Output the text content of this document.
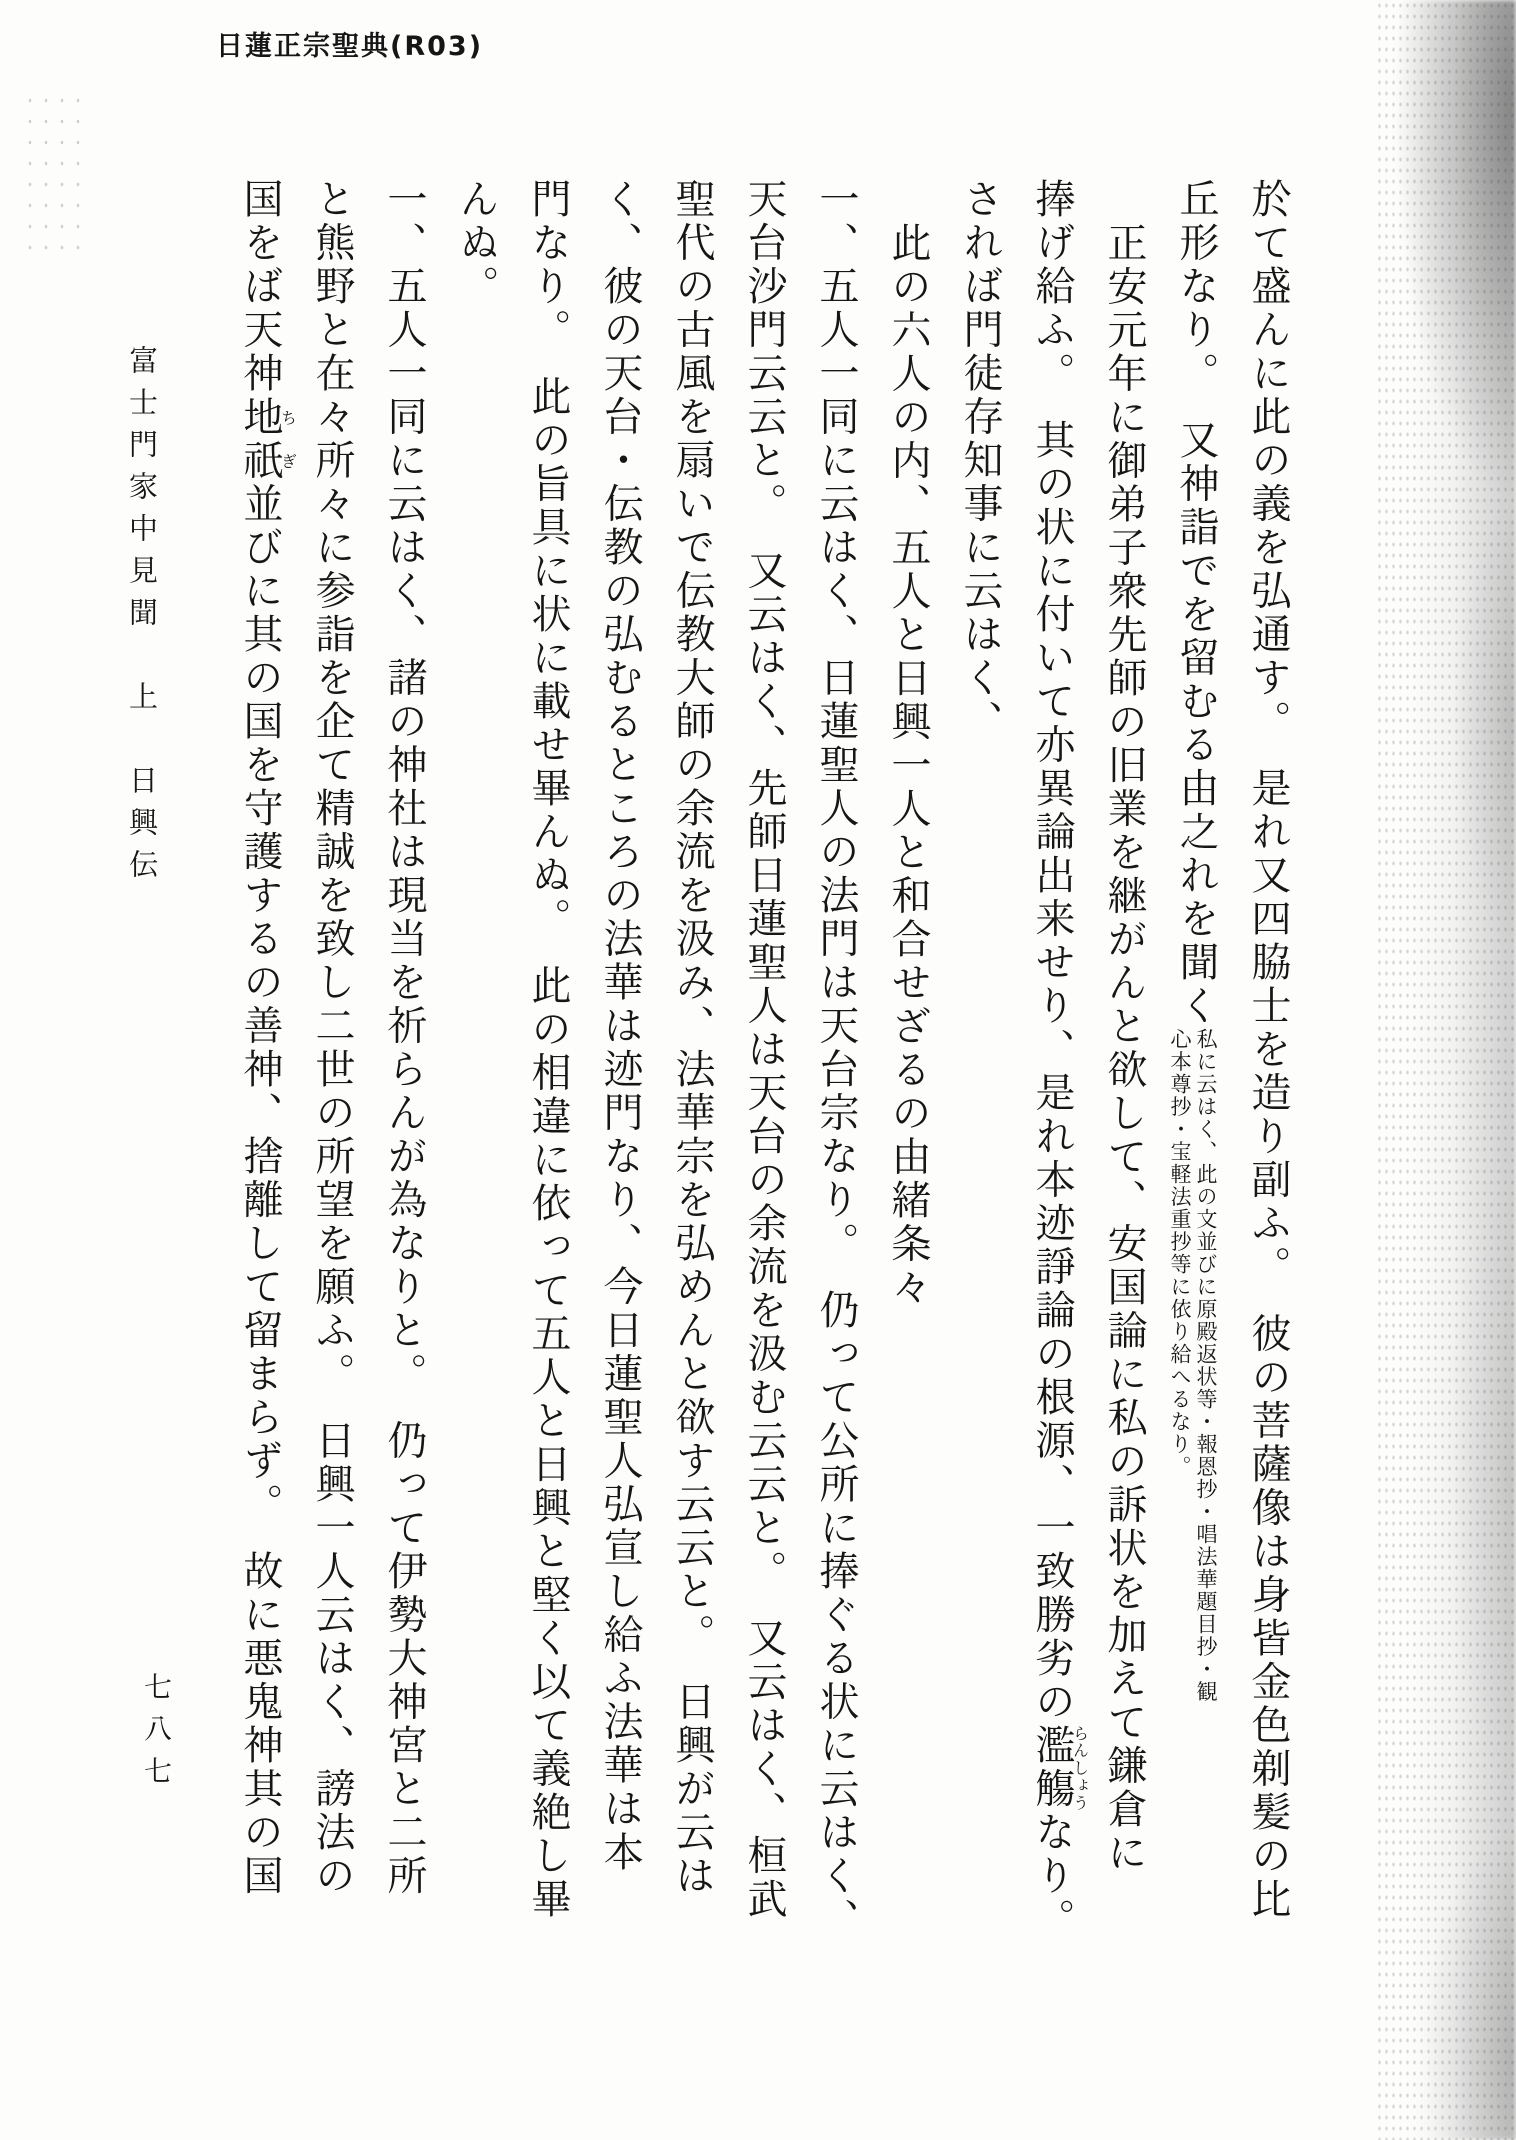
日蓮正宗聖典(R03)
於て盛んに此の義を弘通す。　是れ又四脇士を造り副ふ。　彼の菩薩像は身皆金色剃髪の比
丘形なり。　又神詣でを留むる由之れを聞く私に云はく、此の文並びに原殿返状等・報恩抄・唱法華題目抄・観心本尊抄・宝軽法重抄等に依り給へるなり。
正安元年に御弟子衆先師の旧業を継がんと欲して、安国論に私の訴状を加えて鎌倉に
捧げ給ふ。　其の状に付いて亦異論出来せり、是れ本迹諍論の根源、一致勝劣の濫觴らんしょうなり。
されば門徒存知事に云はく、
此の六人の内、五人と日興一人と和合せざるの由緒条々
一、五人一同に云はく、日蓮聖人の法門は天台宗なり。　仍って公所に捧ぐる状に云はく、
天台沙門云云と。　又云はく、先師日蓮聖人は天台の余流を汲む云云と。　又云はく、桓武
聖代の古風を扇いで伝教大師の余流を汲み、法華宗を弘めんと欲す云云と。　日興が云は
く、彼の天台・伝教の弘むるところの法華は迹門なり、今日蓮聖人弘宣し給ふ法華は本
門なり。　此の旨具に状に載せ畢んぬ。　此の相違に依って五人と日興と堅く以て義絶し畢
んぬ。
一、五人一同に云はく、諸の神社は現当を祈らんが為なりと。　仍って伊勢大神宮と二所
と熊野と在々所々に参詣を企て精誠を致し二世の所望を願ふ。　日興一人云はく、謗法の
国をば天神地祇ちぎ並びに其の国を守護するの善神、捨離して留まらず。　故に悪鬼神其の国
富士門家中見聞　上　日興伝
七八七
